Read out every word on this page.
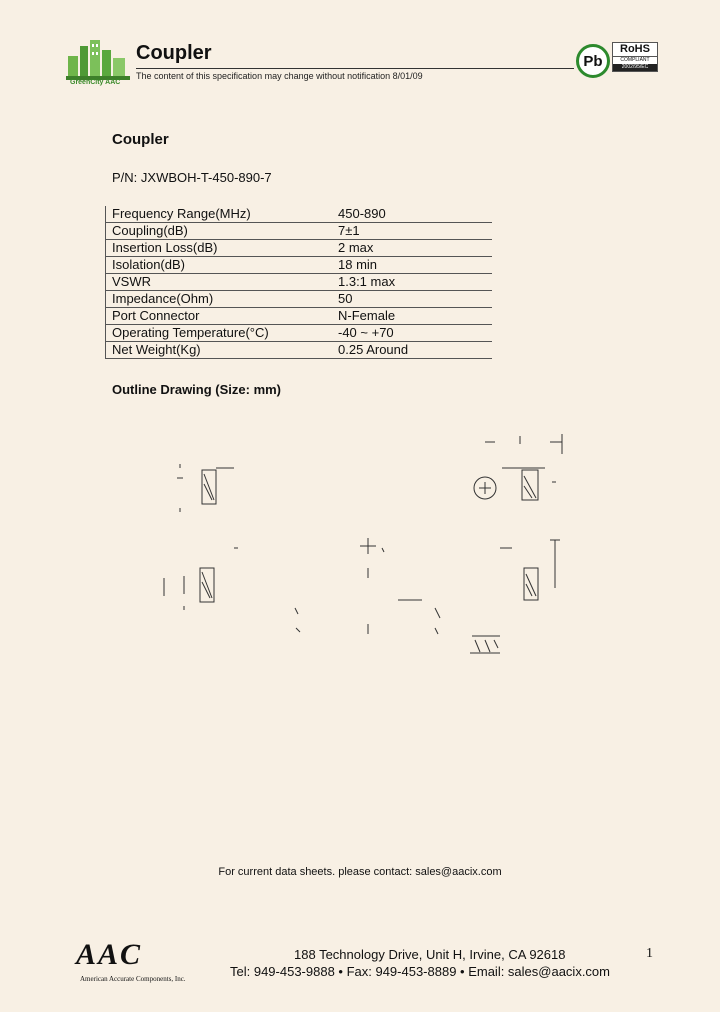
GreenCity AAC
Coupler
The content of this specification may change without notification 8/01/09
Pb
RoHS
COMPLIANT
2002/95/EC
Coupler
P/N: JXWBOH-T-450-890-7
Frequency Range(MHz)	450-890
Coupling(dB)	7±1
Insertion Loss(dB)	2 max
Isolation(dB)	18 min
VSWR	1.3:1 max
Impedance(Ohm)	50
Port Connector	N-Female
Operating Temperature(°C)	-40 ~ +70
Net Weight(Kg)	0.25 Around
Outline Drawing (Size: mm)
For current data sheets. please contact: sales@aacix.com
AAC
American Accurate Components, Inc.
188 Technology Drive, Unit H, Irvine, CA 92618
Tel: 949-453-9888 • Fax: 949-453-8889 • Email: sales@aacix.com
1
